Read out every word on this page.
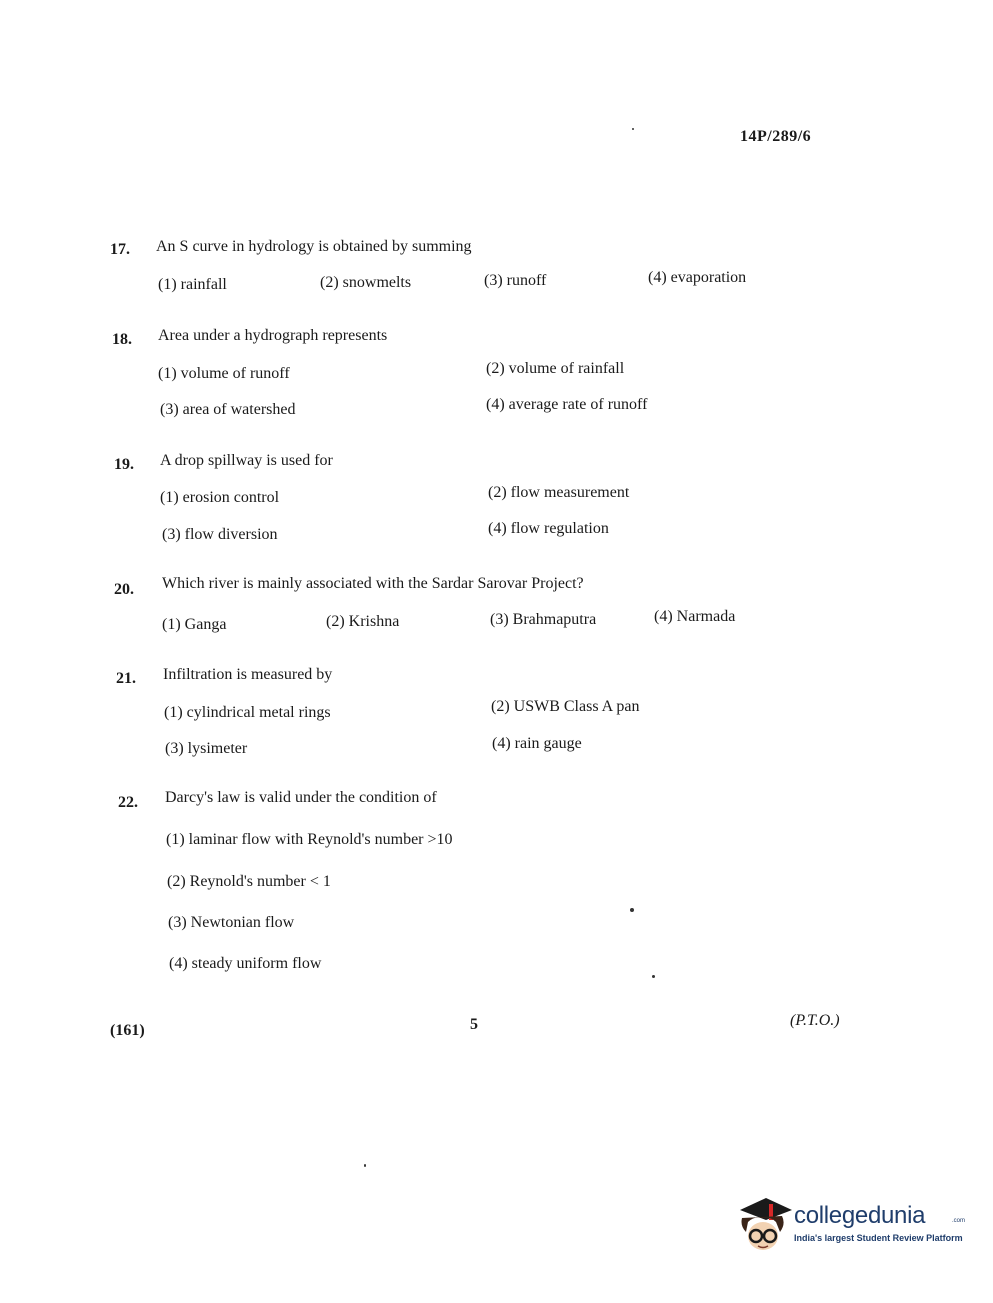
14P/289/6
17. An S curve in hydrology is obtained by summing
(1) rainfall	(2) snowmelts	(3) runoff	(4) evaporation
18. Area under a hydrograph represents
(1) volume of runoff	(2) volume of rainfall
(3) area of watershed	(4) average rate of runoff
19. A drop spillway is used for
(1) erosion control	(2) flow measurement
(3) flow diversion	(4) flow regulation
20. Which river is mainly associated with the Sardar Sarovar Project?
(1) Ganga	(2) Krishna	(3) Brahmaputra	(4) Narmada
21. Infiltration is measured by
(1) cylindrical metal rings	(2) USWB Class A pan
(3) lysimeter	(4) rain gauge
22. Darcy's law is valid under the condition of
(1) laminar flow with Reynold's number >10
(2) Reynold's number < 1
(3) Newtonian flow
(4) steady uniform flow
(161)	5	(P.T.O.)
collegedunia	.com
India's largest Student Review Platform
